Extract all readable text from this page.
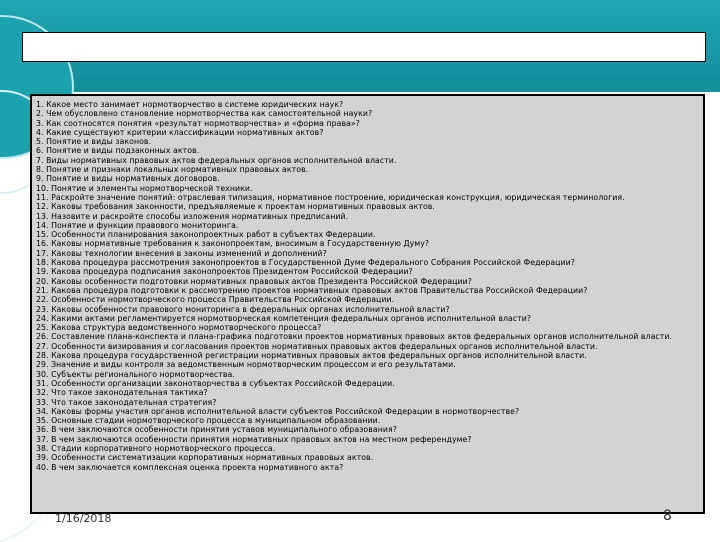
1. Какое место занимает нормотворчество в системе юридических наук?

2. Чем обусловлено становление нормотворчества как самостоятельной науки?

3. Как соотносятся понятия «результат нормотворчества» и «форма права»?

4. Какие существуют критерии классификации нормативных актов?

5. Понятие и виды законов.

6. Понятие и виды подзаконных актов.

7. Виды нормативных правовых актов федеральных органов исполнительной власти.

8. Понятие и признаки локальных нормативных правовых актов.

9. Понятие и виды нормативных договоров.

10. Понятие и элементы нормотворческой техники.

11. Раскройте значение понятий: отраслевая типизация, нормативное построение, юридическая конструкция, юридическая терминология.

12. Каковы требования законности, предъявляемые к проектам нормативных правовых актов.

13. Назовите и раскройте способы изложения нормативных предписаний.

14. Понятие и функции правового мониторинга.

15. Особенности планирования законопроектных работ в субъектах Федерации.

16. Каковы нормативные требования к законопроектам, вносимым в Государственную Думу?

17. Каковы технологии внесения в законы изменений и дополнений?

18. Какова процедура рассмотрения законопроектов в Государственной Думе Федерального Собрания Российской Федерации?

19. Какова процедура подписания законопроектов Президентом Российской Федерации?

20. Каковы особенности подготовки нормативных правовых актов Президента Российской Федерации?

21. Какова процедура подготовки к рассмотрению проектов нормативных правовых актов Правительства Российской Федерации?

22. Особенности нормотворческого процесса Правительства Российской Федерации.

23. Каковы особенности правового мониторинга в федеральных органах исполнительной власти?

24. Какими актами регламентируется нормотворческая компетенция федеральных органов исполнительной власти?

25. Какова структура ведомственного нормотворческого процесса?

26. Составление плана-конспекта и плана-графика подготовки проектов нормативных правовых актов федеральных органов исполнительной власти.

27. Особенности визирования и согласования проектов нормативных правовых актов федеральных органов исполнительной власти.

28. Какова процедура государственной регистрации нормативных правовых актов федеральных органов исполнительной власти.

29. Значение и виды контроля за ведомственным нормотворческим процессом и его результатами.

30. Субъекты регионального нормотворчества.

31. Особенности организации законотворчества в субъектах Российской Федерации.

32. Что такое законодательная тактика?

33. Что такое законодательная стратегия?

34. Каковы формы участия органов исполнительной власти субъектов Российской Федерации в нормотворчестве?

35. Основные стадии нормотворческого процесса в муниципальном образовании.

36. В чем заключаются особенности принятия уставов муниципального образования?

37. В чем заключаются особенности принятия нормативных правовых актов на местном референдуме?

38. Стадии корпоративного нормотворческого процесса.

39. Особенности систематизации корпоративных нормативных правовых актов.

40. В чем заключается комплексная оценка проекта нормативного акта?

1/16/2018	8
